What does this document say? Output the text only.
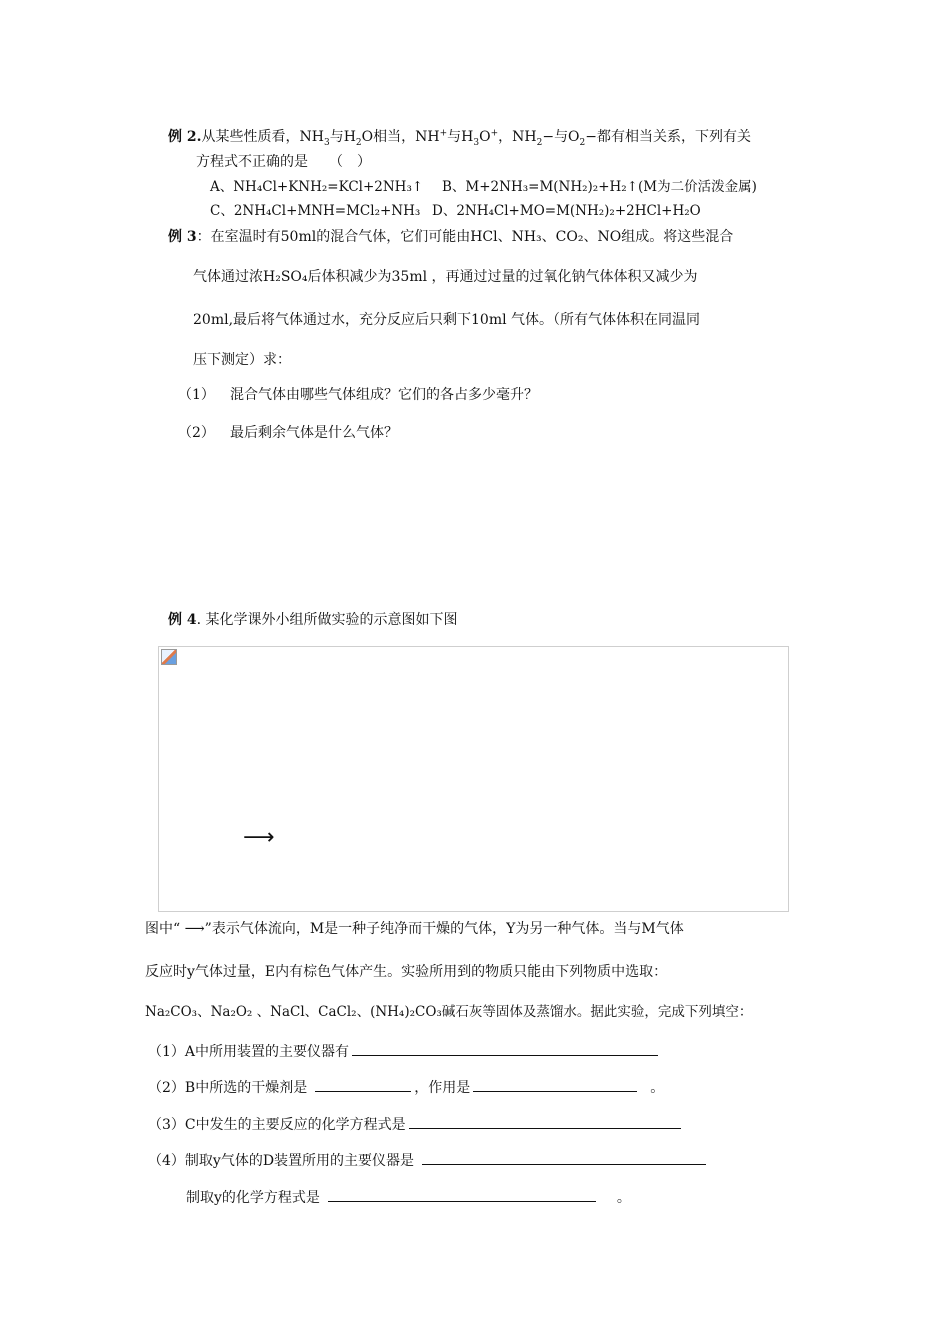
例 2.从某些性质看，$NH_3$与$H_2O$相当，NH+与$H_3O^+$，$NH_2-$与$O_2-$都有相当关系，下列有关
方程式不正确的是　　（　）
A、NH₄Cl+KNH₂=KCl+2NH₃↑ B、M+2NH₃=M(NH₂)₂+H₂↑(M为二价活泼金属)
C、2NH₄Cl+MNH=MCl₂+NH₃ D、2NH₄Cl+MO=M(NH₂)₂+2HCl+H₂O
例 3：在室温时有50ml的混合气体，它们可能由HCl、NH₃、CO₂、NO组成。将这些混合
气体通过浓H₂SO₄后体积减少为35ml ，再通过过量的过氧化钠气体体积又减少为
20ml,最后将气体通过水，充分反应后只剩下10ml 气体。（所有气体体积在同温同
压下测定）求：
（1） 混合气体由哪些气体组成？它们的各占多少毫升？
（2） 最后剩余气体是什么气体？
例 4. 某化学课外小组所做实验的示意图如下图
⟶
图中“ ⟶”表示气体流向，M是一种子纯净而干燥的气体，Y为另一种气体。当与M气体
反应时y气体过量，E内有棕色气体产生。实验所用到的物质只能由下列物质中选取：
Na₂CO₃、Na₂O₂ 、NaCl、CaCl₂、(NH₄)₂CO₃碱石灰等固体及蒸馏水。据此实验，完成下列填空：
（1）A中所用装置的主要仪器有
（2）B中所选的干燥剂是	，作用是	。
（3）C中发生的主要反应的化学方程式是
（4）制取y气体的D装置所用的主要仪器是
制取y的化学方程式是	。
